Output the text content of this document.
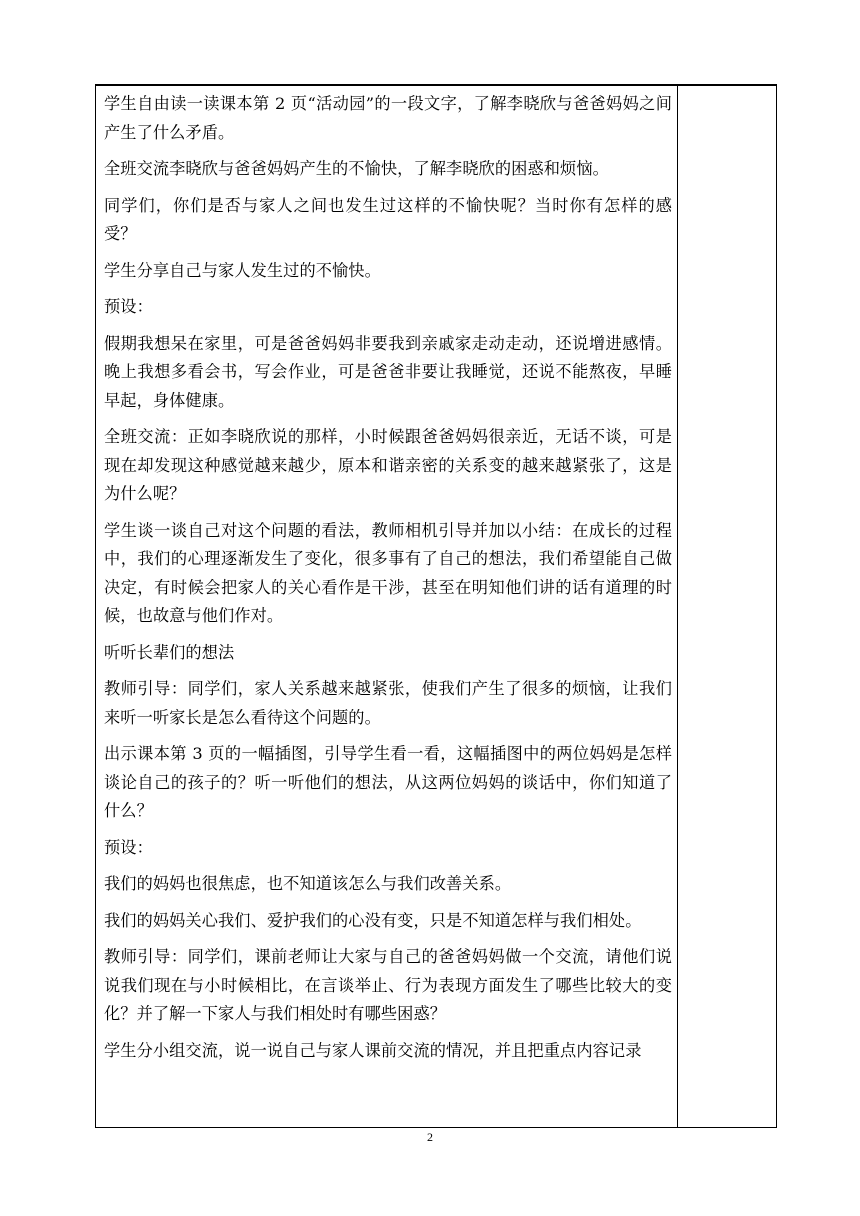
学生自由读一读课本第 2 页“活动园”的一段文字，了解李晓欣与爸爸妈妈之间产生了什么矛盾。

全班交流李晓欣与爸爸妈妈产生的不愉快，了解李晓欣的困惑和烦恼。

同学们，你们是否与家人之间也发生过这样的不愉快呢？当时你有怎样的感受？

学生分享自己与家人发生过的不愉快。

预设：

假期我想呆在家里，可是爸爸妈妈非要我到亲戚家走动走动，还说增进感情。晚上我想多看会书，写会作业，可是爸爸非要让我睡觉，还说不能熬夜，早睡早起，身体健康。

全班交流：正如李晓欣说的那样，小时候跟爸爸妈妈很亲近，无话不谈，可是现在却发现这种感觉越来越少，原本和谐亲密的关系变的越来越紧张了，这是为什么呢？

学生谈一谈自己对这个问题的看法，教师相机引导并加以小结：在成长的过程中，我们的心理逐渐发生了变化，很多事有了自己的想法，我们希望能自己做决定，有时候会把家人的关心看作是干涉，甚至在明知他们讲的话有道理的时候，也故意与他们作对。

听听长辈们的想法

教师引导：同学们，家人关系越来越紧张，使我们产生了很多的烦恼，让我们来听一听家长是怎么看待这个问题的。

出示课本第 3 页的一幅插图，引导学生看一看，这幅插图中的两位妈妈是怎样谈论自己的孩子的？听一听他们的想法，从这两位妈妈的谈话中，你们知道了什么？

预设：

我们的妈妈也很焦虑，也不知道该怎么与我们改善关系。

我们的妈妈关心我们、爱护我们的心没有变，只是不知道怎样与我们相处。

教师引导：同学们，课前老师让大家与自己的爸爸妈妈做一个交流，请他们说说我们现在与小时候相比，在言谈举止、行为表现方面发生了哪些比较大的变化？并了解一下家人与我们相处时有哪些困惑？

学生分小组交流，说一说自己与家人课前交流的情况，并且把重点内容记录

2
